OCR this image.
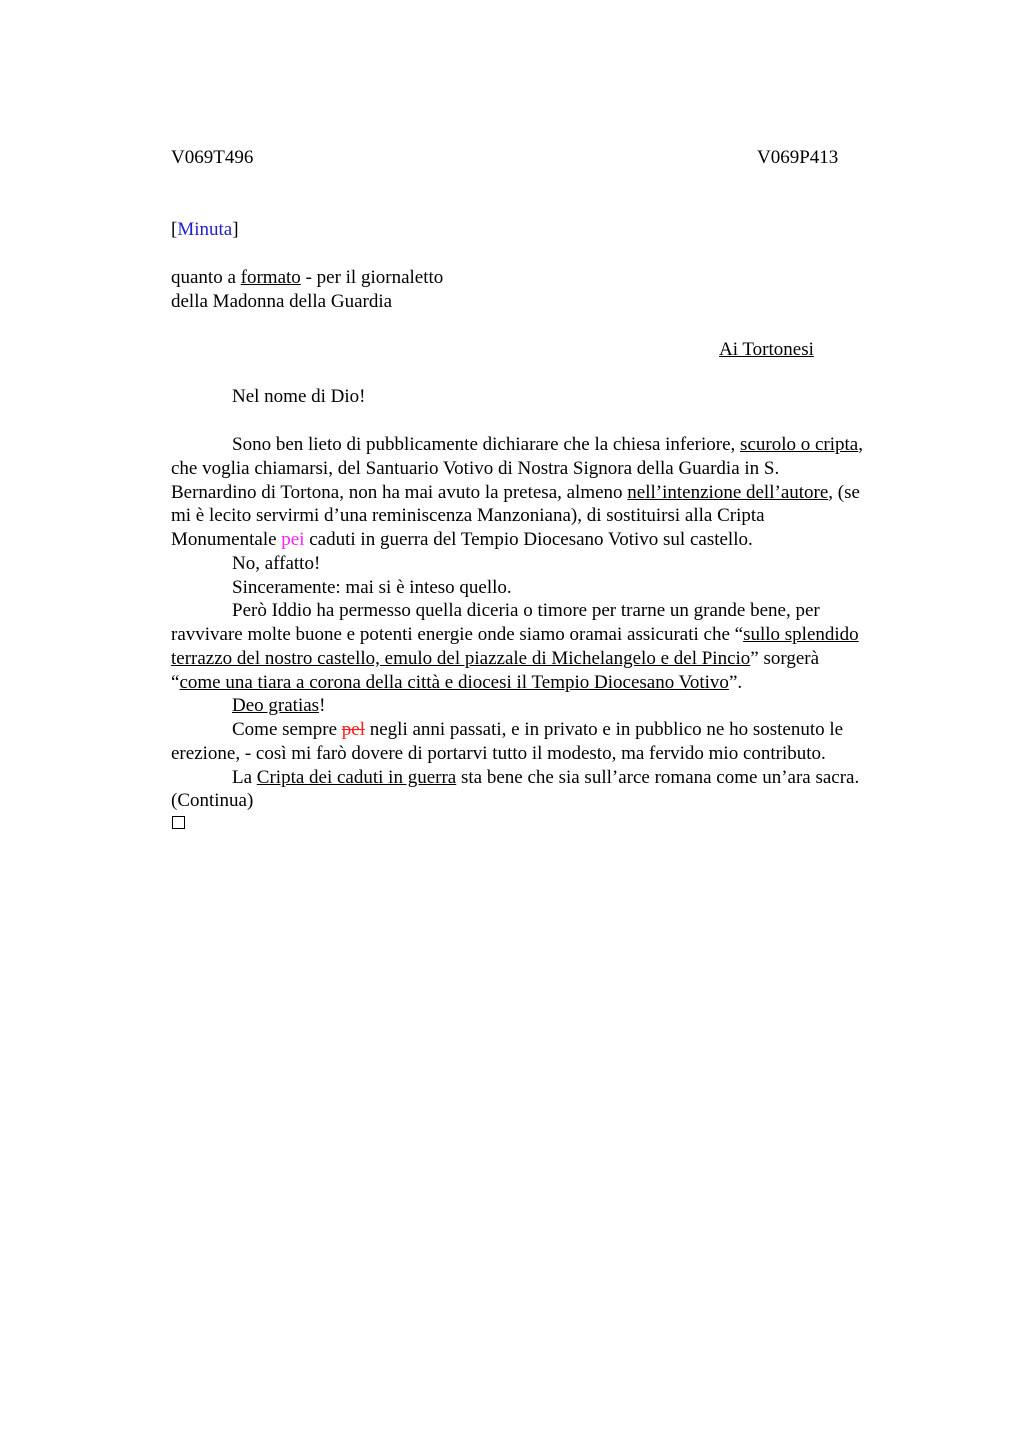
V069T496	V069P413
[Minuta]
quanto a formato - per il giornaletto
della Madonna della Guardia
Ai Tortonesi
Nel nome di Dio!
Sono ben lieto di pubblicamente dichiarare che la chiesa inferiore, scurolo o cripta,
che voglia chiamarsi, del Santuario Votivo di Nostra Signora della Guardia in S.
Bernardino di Tortona, non ha mai avuto la pretesa, almeno nell’intenzione dell’autore, (se
mi è lecito servirmi d’una reminiscenza Manzoniana), di sostituirsi alla Cripta
Monumentale pei caduti in guerra del Tempio Diocesano Votivo sul castello.
No, affatto!
Sinceramente: mai si è inteso quello.
Però Iddio ha permesso quella diceria o timore per trarne un grande bene, per
ravvivare molte buone e potenti energie onde siamo oramai assicurati che “sullo splendido
terrazzo del nostro castello, emulo del piazzale di Michelangelo e del Pincio” sorgerà
“come una tiara a corona della città e diocesi il Tempio Diocesano Votivo”.
Deo gratias!
Come sempre pel negli anni passati, e in privato e in pubblico ne ho sostenuto le
erezione, - così mi farò dovere di portarvi tutto il modesto, ma fervido mio contributo.
La Cripta dei caduti in guerra sta bene che sia sull’arce romana come un’ara sacra.
(Continua)
